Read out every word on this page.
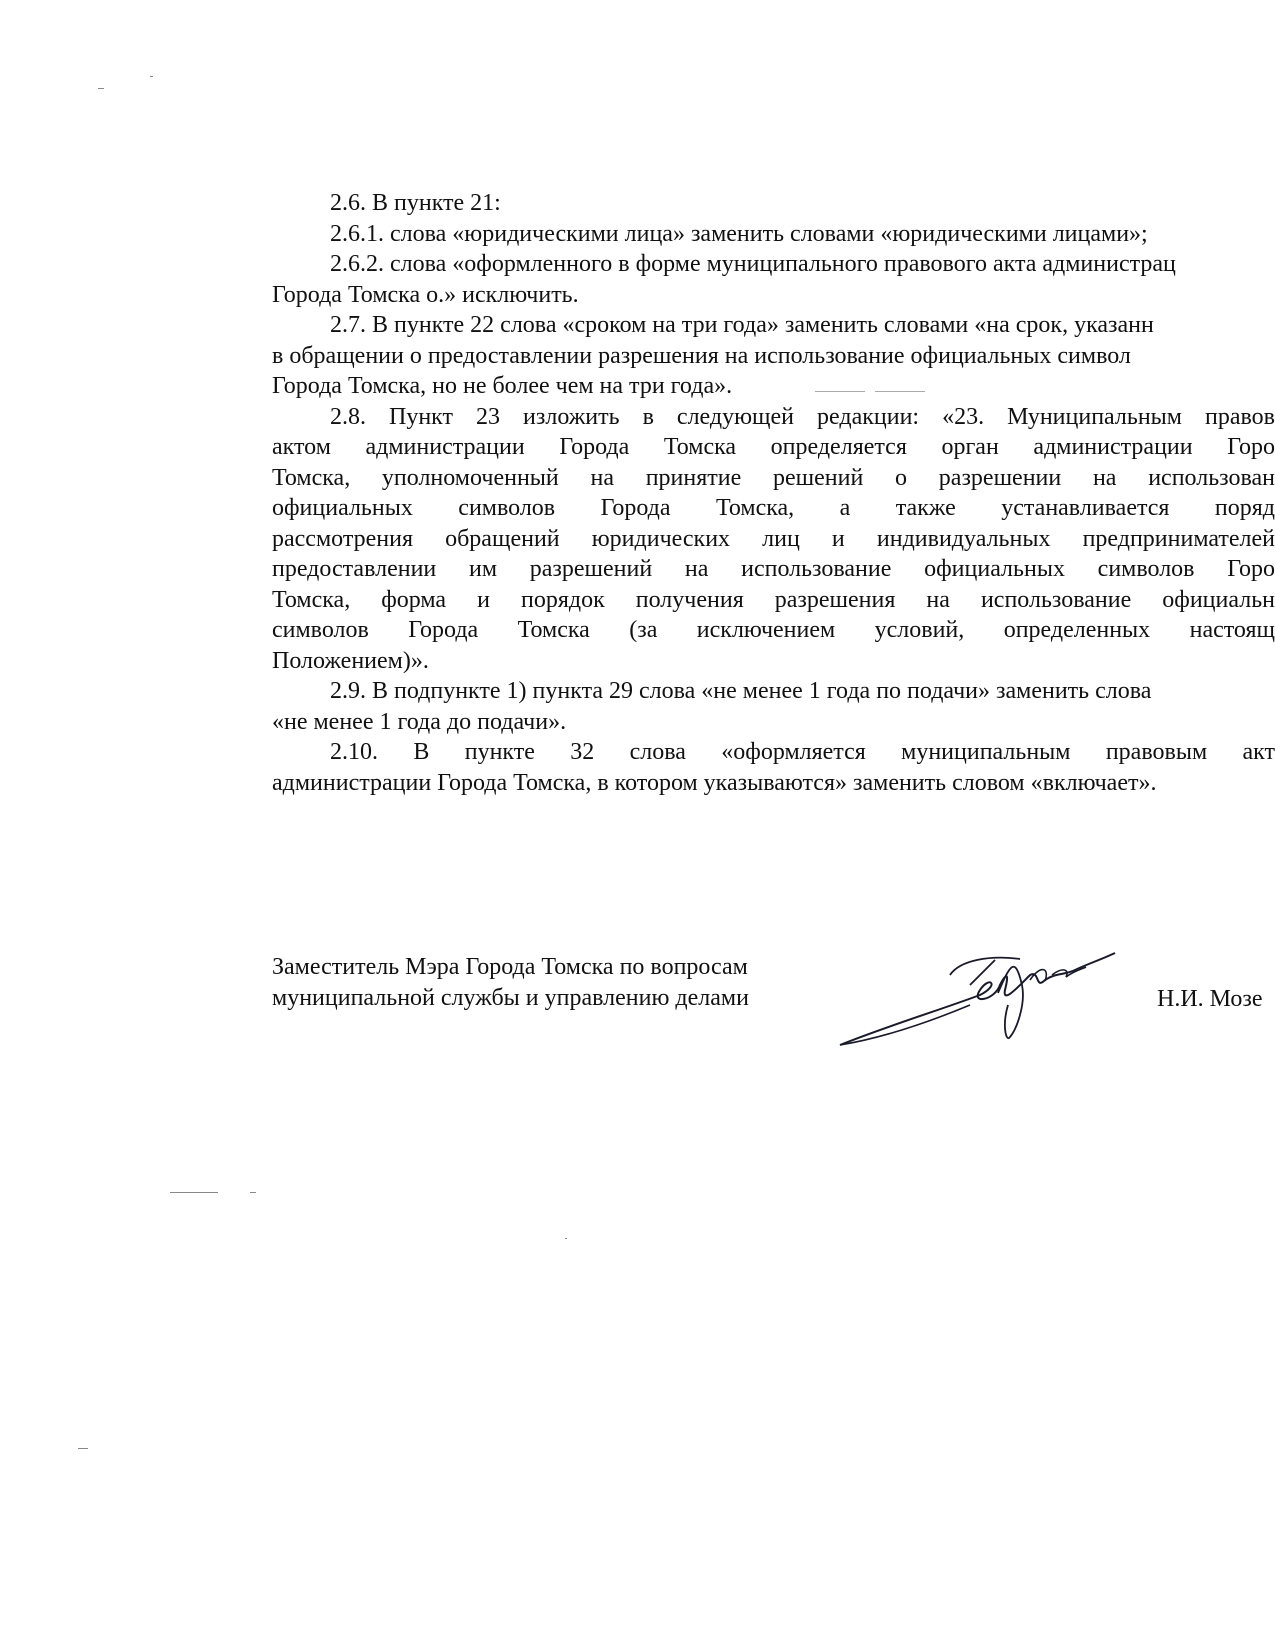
2.6. В пункте 21:
2.6.1. слова «юридическими лица» заменить словами «юридическими лицами»;
2.6.2. слова «оформленного в форме муниципального правового акта администрац
Города Томска о.» исключить.
2.7. В пункте 22 слова «сроком на три года» заменить словами «на срок, указанн
в обращении о предоставлении разрешения на использование официальных символ
Города Томска, но не более чем на три года».
2.8. Пункт 23 изложить в следующей редакции: «23. Муниципальным правов
актом администрации Города Томска определяется орган администрации Горо
Томска, уполномоченный на принятие решений о разрешении на использован
официальных символов Города Томска, а также устанавливается поряд
рассмотрения обращений юридических лиц и индивидуальных предпринимателей
предоставлении им разрешений на использование официальных символов Горо
Томска, форма и порядок получения разрешения на использование официальн
символов Города Томска (за исключением условий, определенных настоящ
Положением)».
2.9. В подпункте 1) пункта 29 слова «не менее 1 года по подачи» заменить слова
«не менее 1 года до подачи».
2.10. В пункте 32 слова «оформляется муниципальным правовым акт
администрации Города Томска, в котором указываются» заменить словом «включает».
Заместитель Мэра Города Томска по вопросам
муниципальной службы и управлению делами	Н.И. Мозе
